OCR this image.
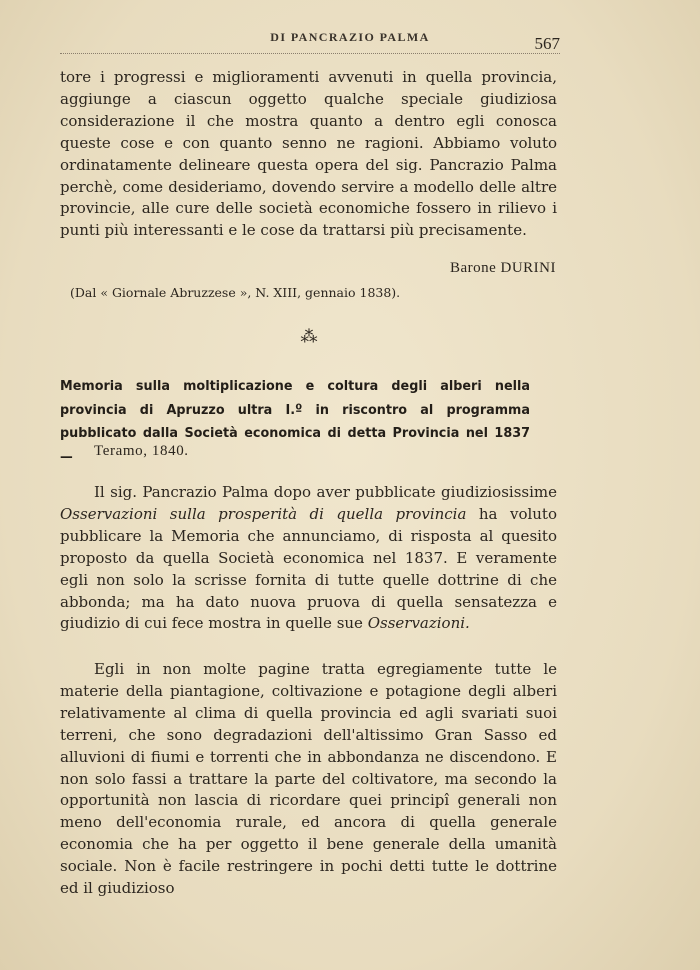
DI PANCRAZIO PALMA	567
tore i progressi e miglioramenti avvenuti in quella provincia, aggiunge a ciascun oggetto qualche speciale giudiziosa considerazione il che mostra quanto a dentro egli conosca queste cose e con quanto senno ne ragioni. Abbiamo voluto ordinatamente delineare questa opera del sig. Pancrazio Palma perchè, come desideriamo, dovendo servire a modello delle altre provincie, alle cure delle società economiche fossero in rilievo i punti più interessanti e le cose da trattarsi più precisamente.
Barone DURINI
(Dal « Giornale Abruzzese », N. XIII, gennaio 1838).
⁂
Memoria sulla moltiplicazione e coltura degli alberi nella provincia di Apruzzo ultra I.º in riscontro al programma pubblicato dalla Società economica di detta Provincia nel 1837 —	Teramo, 1840.
Il sig. Pancrazio Palma dopo aver pubblicate giudiziosissime Osservazioni sulla prosperità di quella provincia ha voluto pubblicare la Memoria che annunciamo, di risposta al quesito proposto da quella Società economica nel 1837. E veramente egli non solo la scrisse fornita di tutte quelle dottrine di che abbonda; ma ha dato nuova pruova di quella sensatezza e giudizio di cui fece mostra in quelle sue Osservazioni.
Egli in non molte pagine tratta egregiamente tutte le materie della piantagione, coltivazione e potagione degli alberi relativamente al clima di quella provincia ed agli svariati suoi terreni, che sono degradazioni dell'altissimo Gran Sasso ed alluvioni di fiumi e torrenti che in abbondanza ne discendono. E non solo fassi a trattare la parte del coltivatore, ma secondo la opportunità non lascia di ricordare quei principî generali non meno dell'economia rurale, ed ancora di quella generale economia che ha per oggetto il bene generale della umanità sociale. Non è facile restringere in pochi detti tutte le dottrine ed il giudizioso
